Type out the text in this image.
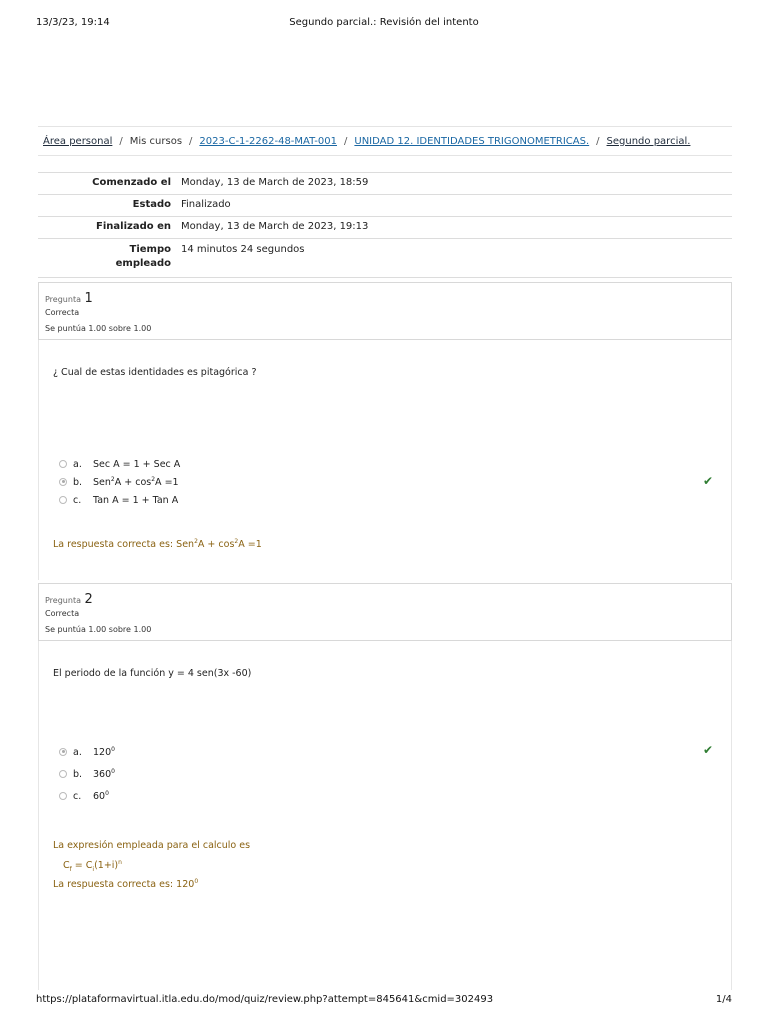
13/3/23, 19:14	Segundo parcial.: Revisión del intento
Área personal / Mis cursos / 2023-C-1-2262-48-MAT-001 / UNIDAD 12. IDENTIDADES TRIGONOMETRICAS. / Segundo parcial.
Comenzado el	Monday, 13 de March de 2023, 18:59
Estado	Finalizado
Finalizado en	Monday, 13 de March de 2023, 19:13
Tiempo empleado	14 minutos 24 segundos

Pregunta 1
Correcta
Se puntúa 1.00 sobre 1.00
¿ Cual de estas identidades es pitagórica ?
a. Sec A = 1 + Sec A
b. $Sen^2A + \cos^2A =1$
c. Tan A = 1 + Tan A
✔
La respuesta correcta es: $Sen^2A + \cos^2A =1$
Pregunta 2
Correcta
Se puntúa 1.00 sobre 1.00
El periodo de la función y = 4 sen(3x -60)
a. $120^0$
b. $360^0$
c. $60^0$
✔
La expresión empleada para el calculo es
$C_f = C_i(1+i)^n$
La respuesta correcta es: $120^0$
https://plataformavirtual.itla.edu.do/mod/quiz/review.php?attempt=845641&cmid=302493	1/4
